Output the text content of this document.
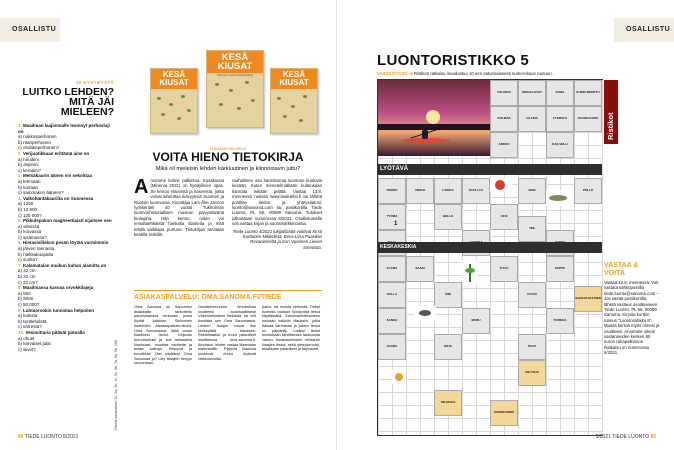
OSALLISTU	OSALLISTU
10 KYSYMYSTÄ
LUITKO LEHDEN? MITÄ JÄI MIELEEN?

1. Maailman laajimmalle levinnyt perhoslaji on

a) nokkosperhonen

b) ritariperhonen

c) ohdakeperhonen?

2. Verijuotikkaan erittämä aine on

a) hirudiini

b) aspiriini

c) keratiini?

3. Metsäkaurin äänen voi sekoittaa

a) lehmään

b) koiraan

c) sammakon ääneen?

4. Valkohäntäkauriita on Suomessa

a) 1250

b) 12 500

c) 125 000?

5. Pikkulepakon magneettiaisti sijaitsee sen

a) silmissä

b) korvassa

c) sisämassa?

6. Hietasisiliskon pesän löytää varmimmin

a) järven rannasta

b) hiekkakuopalta

c) suolta?

7. Kalamatalan muikun kuhan alamitta on

a) 42 cm

b) 32 cm

c) 22 cm?

8. Maailmassa kasvaa orvokkilajeja

a) 500

b) 5000

c) 50 000?

9. Luhtaorvokin tunnistaa helpoiten

a) kukista

b) terälehdistä

c) varresta?

10. Vesimittaria pitävät pinnalla

a) ohuet

b) karvaiset jalat

c) siivet?

KESÄ KIUSAT
KESÄ KIUSAT
Suomen Luonto luontotietokirja	KESÄ KIUSAT
LUKIJAN PALVELU
VOITA HIENO TIETOKIRJA
Mikä oli mieleisin lehden kärkiuutinen ja kiinnostavin juttu?
A rvomme kolme palkintoa. Kosäkiusat (Minerva 2021) on hyödyllinen opas. Se kertoo eläimistä ja kasveista, jotka voivat aiheuttaa ikävyyksiä Suomen ja Ruotsin luonnossa. Kirjoittaja Lars-Åke Janzon työskenteli 40 vuotta Tukholman luonnonhistoriallisen museon päivystävänä biologina. Hän kertoo, miten voi ennaltaehkäistä hankalia tilanteita ja mitä tehdä vaikkapa purtuna. Tietokirjaa tarvitaan kesällä mökillä.

rauhallinen osa harmittomia luontoon kuuluvia kesään. Kuten menetelmiäkään kuitenkaan kannata mikään pelätä. Vastaa 13.8. mennessä netissä www.tiedelehti.fi tai lähetä postitse tiedon ja yhteystietosi: luonto@sanoma.com tai postikortilla Tiede Luonto, PL 65, 00089 Sanoma. Tulokset julkaistaan numerossa 6/2021. Osallistumalla voit voittaa kirjan ja suoramarkkinointia.

Tiede Luonto 4/2021 lukijatilastot voittivat Kirsti Karttunen Mikkelistä, Eeva-Liisa Paasikivi Rovaniemeltä ja Kari Vuorinen Lieven tunnoista.

ASIAKASPALVELU: OMA.SANOMA.FI/TIEDE

Oma Sanoma on Sanomien asiakkaille tarkoitettu palvelukanava verkossa, jonka löydät kaikkien Sanomien tuotteiden asiakaspalvelu-tiedot. Oma Sanomassa: lisää oman tilauksesi tiedot. Kirjaudu tunnuksellasi ja voit tarkastella tilauksiasi, muuttaa osoitetta ja antaa katkoja. Helppoa ja turvallista! Olet käyttänyt Oma Sanomaa jo? Liity tilaajien tietyyn seurantaan.

Osoitteenmuutos: Ilmoitathan osoitteesi automaattisesti Väestörekisterin tiedoista, tai voit ilmoittaa sen Oma Sanomassa. Lehtien tilaajat voivat itse keskeyttää tilauksen. Reklamaatiot ja muut palautteet osoitteessa oma.sanoma.fi. Ainoistot: lehdet vastaa tilaamaan materiaaliin. Pysyviä tilauksia koskevat ehdot löytyvät verkkosivuilta.

paino- tai muista virheistä. Tiettyt tuotteita voidaan hyödyntää tietoa käyttämällä. Sanomalehtituotteen mukaan kaikkiin tilauksiin, jotka haluaa varmistaa ja joiden tiedot on päivitetty. Lisäksi tiedot toimitetaan tarvittaessa laskutusta varten. Asiakasrekisteri rekisteröi tilaajien tiedot, sekä yhteydenotot, asiakkaan palautteet ja tarjoukset.

Oikeat vastaukset: 1c, 2a, 3b, 4c, 5c, 6b, 7a, 8a, 9b, 10b
LUONTORISTIKKO 5
VAIKEUSTASO: ■ Ristikon ratkaisu muodostuu 10 een satunnaiseesti numeroituun ruutuun.
VÄLIKKÖ	SEKAI-LEVAT	KUHA	KURKI-MONTTU
KOLMAS	OLASIS	FYSIIKKA	KUORI-PUKKI
ARKKU	KAS-VELLI
PROPO	VIIKKO	LAIKKA	KUULLUT	AINO	PÖLLÖ
TYÖMA	HELLO	VESI
TEE
KYLMÄ	SAARI	TUULI	KAPPA
HALLA	SINI	KUUSI
SANKA	MURU	TORKKA
VAARA	KOTA	PAJU
SAHKAT-KUUSEN
VIE-TOJA
VIE-MAHA
SUOMI-KORPI
1
LYÖTÄVÄ
KESKAKESKIA
Ristikot
VASTAA & VOITA

Vastaa 13.8. mennessä. Voit vastata sähköpostilla tiede.luonto@sanoma.com – Jos vastat postikortilla, lähetä vastaus osoitteeseen Tiede Luonto, PL 65, 00089 Sanoma. Kirjoita korttiin tunnus "Luontoristikko 5". Muista kertoa myös nimesi ja osoitteesi. Arvomme oikein vastanneiden kesken 50 euron rahapalkinnon. Ratkaisu on numerossa 6/2021.

84 TIEDE LUONTO 5/2021	5/2021 TIEDE LUONTO 85
